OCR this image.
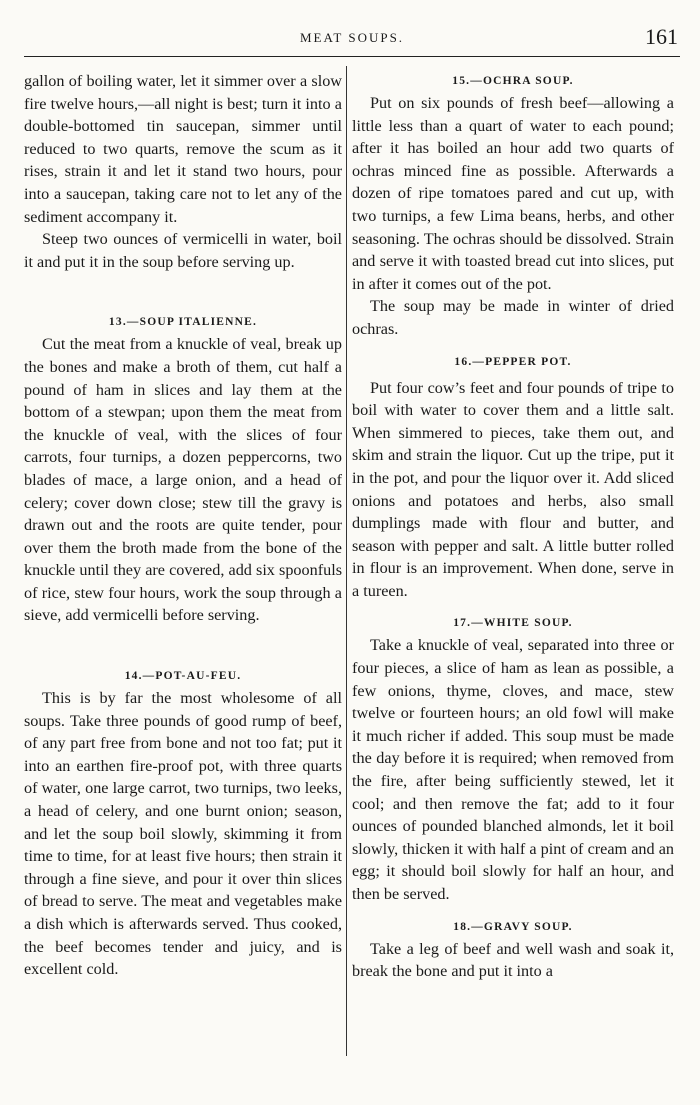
MEAT SOUPS.	161

gallon of boiling water, let it simmer over a slow fire twelve hours,—all night is best; turn it into a double-bottomed tin saucepan, simmer until reduced to two quarts, remove the scum as it rises, strain it and let it stand two hours, pour into a saucepan, taking care not to let any of the sediment accompany it.

Steep two ounces of vermicelli in water, boil it and put it in the soup before serving up.

13.—SOUP ITALIENNE.

Cut the meat from a knuckle of veal, break up the bones and make a broth of them, cut half a pound of ham in slices and lay them at the bottom of a stewpan; upon them the meat from the knuckle of veal, with the slices of four carrots, four turnips, a dozen peppercorns, two blades of mace, a large onion, and a head of celery; cover down close; stew till the gravy is drawn out and the roots are quite tender, pour over them the broth made from the bone of the knuckle until they are covered, add six spoonfuls of rice, stew four hours, work the soup through a sieve, add vermicelli before serving.

14.—POT-AU-FEU.

This is by far the most wholesome of all soups. Take three pounds of good rump of beef, of any part free from bone and not too fat; put it into an earthen fire-proof pot, with three quarts of water, one large carrot, two turnips, two leeks, a head of celery, and one burnt onion; season, and let the soup boil slowly, skimming it from time to time, for at least five hours; then strain it through a fine sieve, and pour it over thin slices of bread to serve. The meat and vegetables make a dish which is afterwards served. Thus cooked, the beef becomes tender and juicy, and is excellent cold.

15.—OCHRA SOUP.

Put on six pounds of fresh beef—allowing a little less than a quart of water to each pound; after it has boiled an hour add two quarts of ochras minced fine as possible. Afterwards a dozen of ripe tomatoes pared and cut up, with two turnips, a few Lima beans, herbs, and other seasoning. The ochras should be dissolved. Strain and serve it with toasted bread cut into slices, put in after it comes out of the pot.

The soup may be made in winter of dried ochras.

16.—PEPPER POT.

Put four cow’s feet and four pounds of tripe to boil with water to cover them and a little salt. When simmered to pieces, take them out, and skim and strain the liquor. Cut up the tripe, put it in the pot, and pour the liquor over it. Add sliced onions and potatoes and herbs, also small dumplings made with flour and butter, and season with pepper and salt. A little butter rolled in flour is an improvement. When done, serve in a tureen.

17.—WHITE SOUP.

Take a knuckle of veal, separated into three or four pieces, a slice of ham as lean as possible, a few onions, thyme, cloves, and mace, stew twelve or fourteen hours; an old fowl will make it much richer if added. This soup must be made the day before it is required; when removed from the fire, after being sufficiently stewed, let it cool; and then remove the fat; add to it four ounces of pounded blanched almonds, let it boil slowly, thicken it with half a pint of cream and an egg; it should boil slowly for half an hour, and then be served.

18.—GRAVY SOUP.

Take a leg of beef and well wash and soak it, break the bone and put it into a
